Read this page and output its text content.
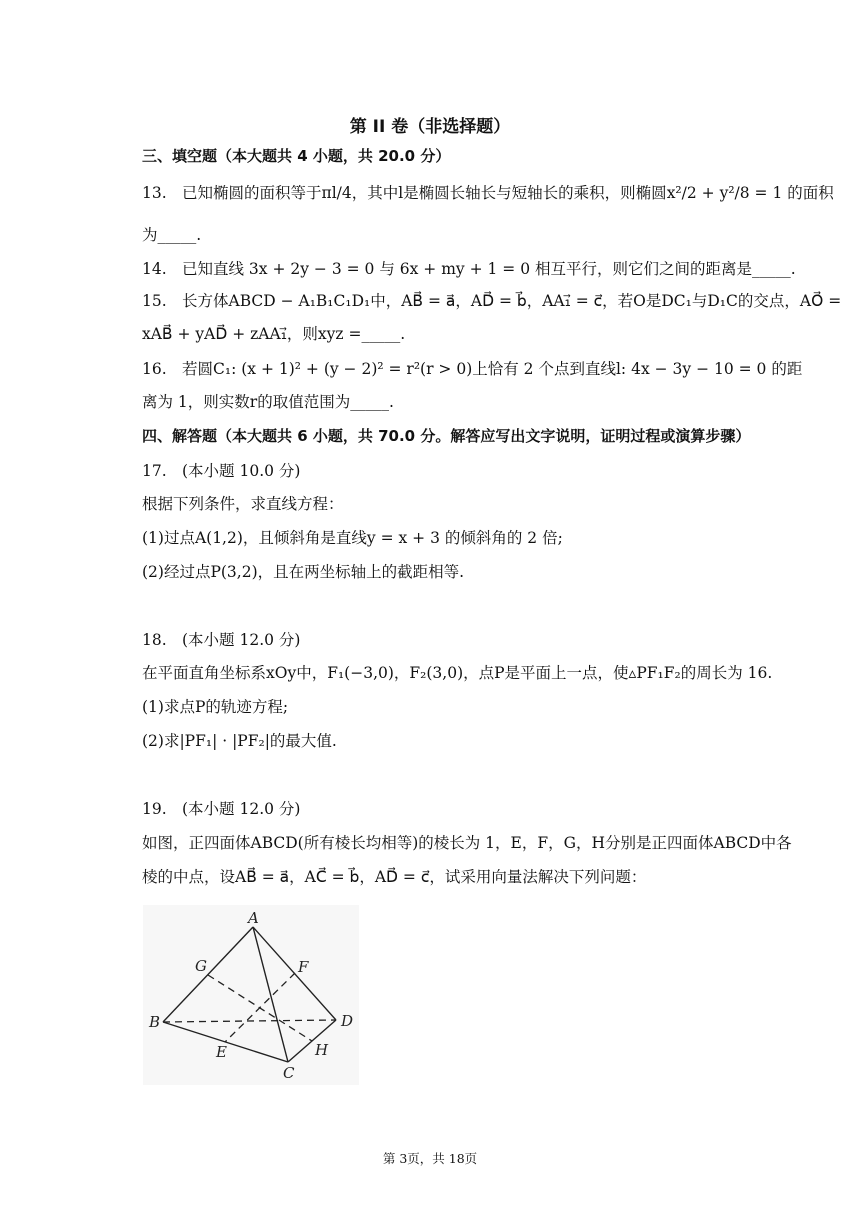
第 II 卷（非选择题）
三、填空题（本大题共 4 小题，共 20.0 分）
13. 已知椭圆的面积等于πl/4，其中l是椭圆长轴长与短轴长的乘积，则椭圆x²/2 + y²/8 = 1 的面积
为_____.
14. 已知直线 3x + 2y − 3 = 0 与 6x + my + 1 = 0 相互平行，则它们之间的距离是_____.
15. 长方体ABCD − A₁B₁C₁D₁中，AB⃗ = a⃗，AD⃗ = b⃗，AA₁⃗ = c⃗，若O是DC₁与D₁C的交点，AO⃗ =
xAB⃗ + yAD⃗ + zAA₁⃗，则xyz =_____.
16. 若圆C₁: (x + 1)² + (y − 2)² = r²(r > 0)上恰有 2 个点到直线l: 4x − 3y − 10 = 0 的距
离为 1，则实数r的取值范围为_____.
四、解答题（本大题共 6 小题，共 70.0 分。解答应写出文字说明，证明过程或演算步骤）
17. (本小题 10.0 分)
根据下列条件，求直线方程：
(1)过点A(1,2)，且倾斜角是直线y = x + 3 的倾斜角的 2 倍;
(2)经过点P(3,2)，且在两坐标轴上的截距相等.
18. (本小题 12.0 分)
在平面直角坐标系xOy中，F₁(−3,0)，F₂(3,0)，点P是平面上一点，使▵PF₁F₂的周长为 16.
(1)求点P的轨迹方程;
(2)求|PF₁| · |PF₂|的最大值.
19. (本小题 12.0 分)
如图，正四面体ABCD(所有棱长均相等)的棱长为 1，E，F，G，H分别是正四面体ABCD中各
棱的中点，设AB⃗ = a⃗，AC⃗ = b⃗，AD⃗ = c⃗，试采用向量法解决下列问题：
A
B
C
D
E
F
G
H
第 3页，共 18页
